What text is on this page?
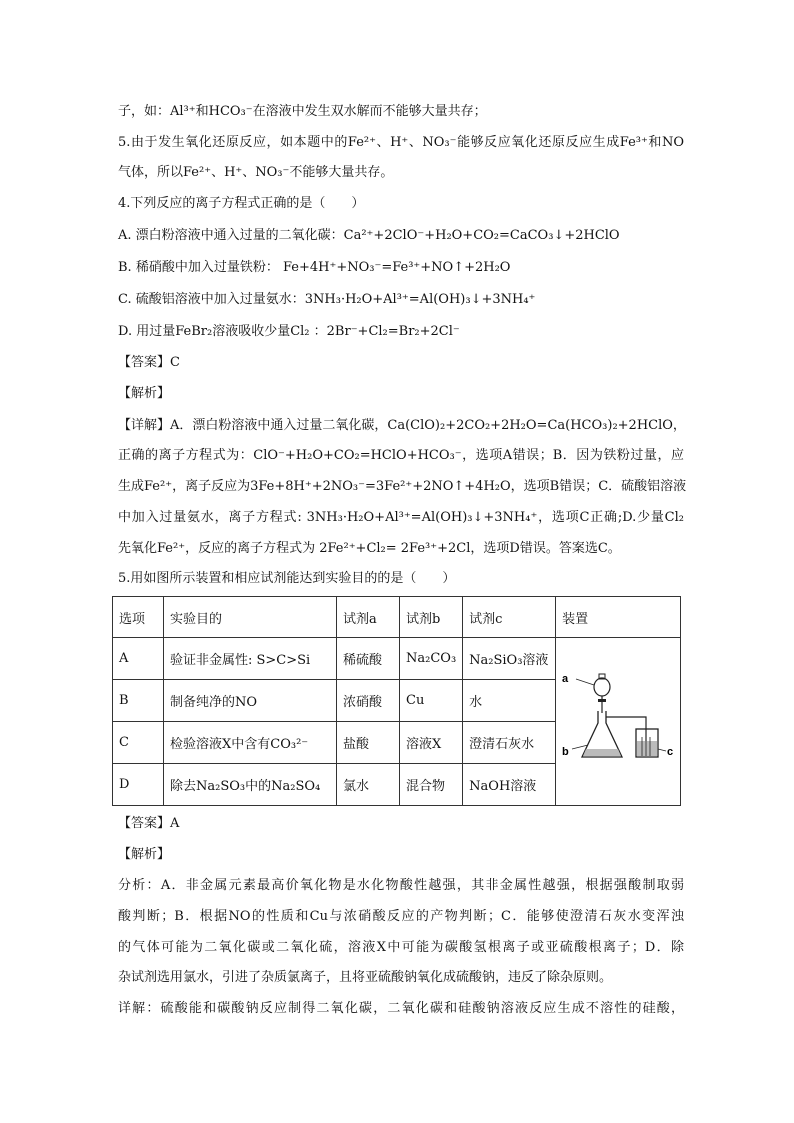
子，如：Al³⁺和HCO₃⁻在溶液中发生双水解而不能够大量共存；
5.由于发生氧化还原反应，如本题中的Fe²⁺、H⁺、NO₃⁻能够反应氧化还原反应生成Fe³⁺和NO
气体，所以Fe²⁺、H⁺、NO₃⁻不能够大量共存。
4.下列反应的离子方程式正确的是（　　）
A. 漂白粉溶液中通入过量的二氧化碳：Ca²⁺+2ClO⁻+H₂O+CO₂=CaCO₃↓+2HClO
B. 稀硝酸中加入过量铁粉： Fe+4H⁺+NO₃⁻=Fe³⁺+NO↑+2H₂O
C. 硫酸铝溶液中加入过量氨水：3NH₃·H₂O+Al³⁺=Al(OH)₃↓+3NH₄⁺
D. 用过量FeBr₂溶液吸收少量Cl₂ ：2Br⁻+Cl₂=Br₂+2Cl⁻
【答案】C
【解析】
【详解】A．漂白粉溶液中通入过量二氧化碳，Ca(ClO)₂+2CO₂+2H₂O=Ca(HCO₃)₂+2HClO，
正确的离子方程式为：ClO⁻+H₂O+CO₂=HClO+HCO₃⁻，选项A错误；B．因为铁粉过量，应
生成Fe²⁺，离子反应为3Fe+8H⁺+2NO₃⁻=3Fe²⁺+2NO↑+4H₂O，选项B错误；C．硫酸铝溶液
中加入过量氨水，离子方程式: 3NH₃·H₂O+Al³⁺=Al(OH)₃↓+3NH₄⁺，选项C正确;D.少量Cl₂
先氧化Fe²⁺，反应的离子方程式为 2Fe²⁺+Cl₂= 2Fe³⁺+2Cl，选项D错误。答案选C。
5.用如图所示装置和相应试剂能达到实验目的的是（　　）
选项	实验目的	试剂a	试剂b	试剂c	装置
A	验证非金属性: S>C>Si	稀硫酸	Na₂CO₃	Na₂SiO₃溶液	a
b c

B	制备纯净的NO	浓硝酸	Cu	水	
C	检验溶液X中含有CO₃²⁻	盐酸	溶液X	澄清石灰水	
D	除去Na₂SO₃中的Na₂SO₄	氯水	混合物	NaOH溶液	
【答案】A
【解析】
分析：A．非金属元素最高价氧化物是水化物酸性越强，其非金属性越强，根据强酸制取弱
酸判断；B．根据NO的性质和Cu与浓硝酸反应的产物判断；C．能够使澄清石灰水变浑浊
的气体可能为二氧化碳或二氧化硫，溶液X中可能为碳酸氢根离子或亚硫酸根离子；D．除
杂试剂选用氯水，引进了杂质氯离子，且将亚硫酸钠氧化成硫酸钠，违反了除杂原则。
详解：硫酸能和碳酸钠反应制得二氧化碳，二氧化碳和硅酸钠溶液反应生成不溶性的硅酸，
